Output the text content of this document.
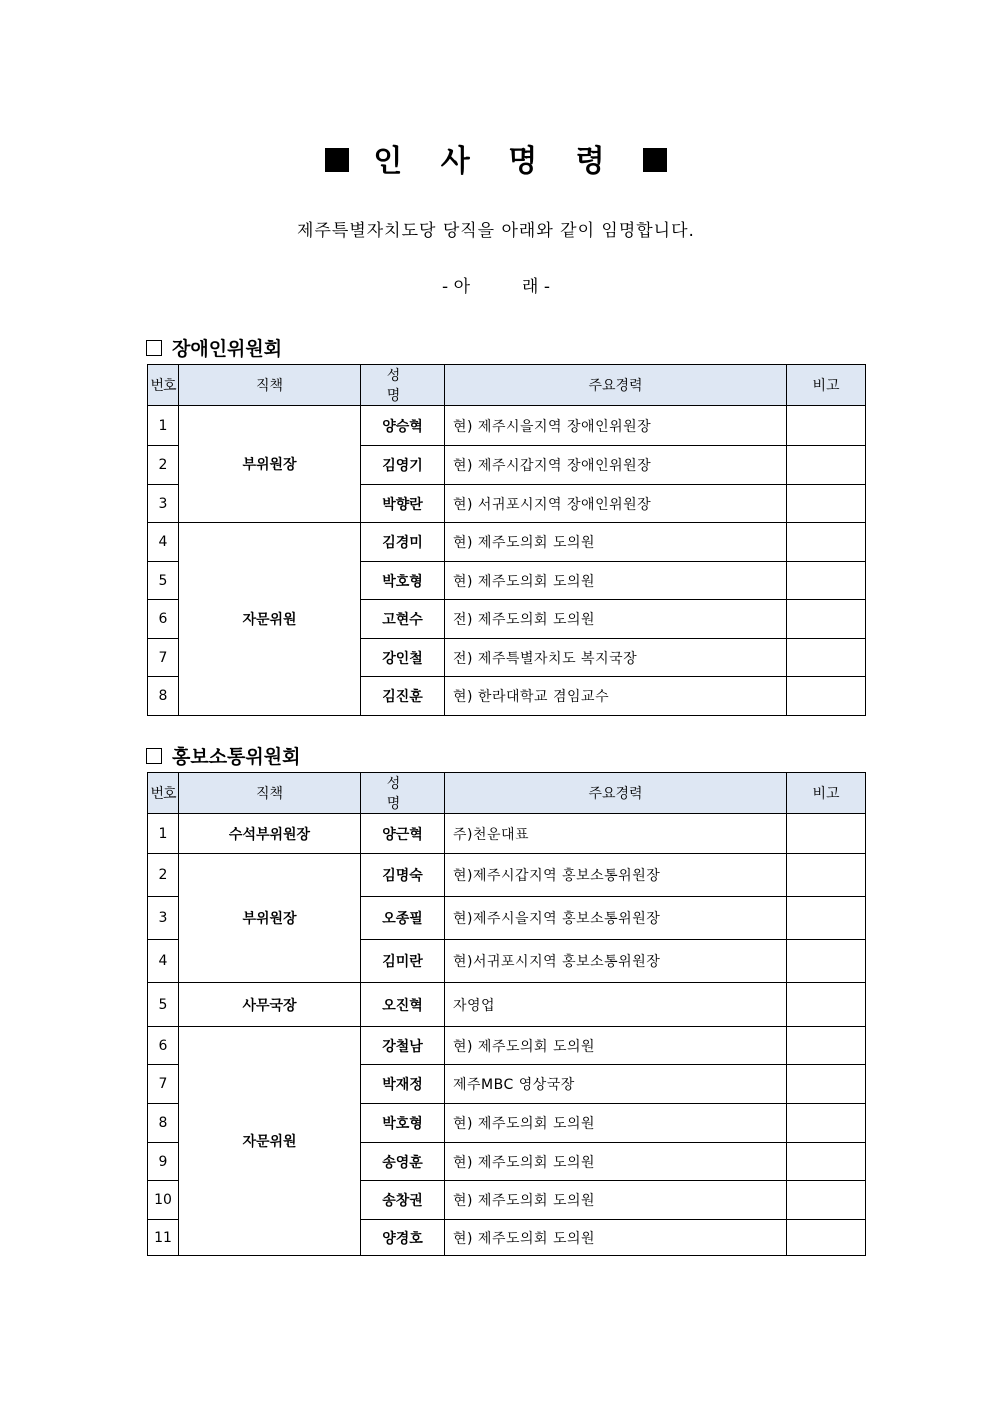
인 사 명 령
제주특별자치도당 당직을 아래와 같이 임명합니다.
- 아	래 -
장애인위원회
번호	직책	성 명	주요경력	비고
1	부위원장	양승혁	현) 제주시을지역 장애인위원장	
2		김영기	현) 제주시갑지역 장애인위원장	
3		박향란	현) 서귀포시지역 장애인위원장	
4	자문위원	김경미	현) 제주도의회 도의원	
5		박호형	현) 제주도의회 도의원	
6		고현수	전) 제주도의회 도의원	
7		강인철	전) 제주특별자치도 복지국장	
8		김진훈	현) 한라대학교 겸임교수	
홍보소통위원회
번호	직책	성 명	주요경력	비고
1	수석부위원장	양근혁	주)천운대표	
2	부위원장	김명숙	현)제주시갑지역 홍보소통위원장	
3		오종필	현)제주시을지역 홍보소통위원장	
4		김미란	현)서귀포시지역 홍보소통위원장	
5	사무국장	오진혁	자영업	
6	자문위원	강철남	현) 제주도의회 도의원	
7		박재정	제주MBC 영상국장	
8		박호형	현) 제주도의회 도의원	
9		송영훈	현) 제주도의회 도의원	
10		송창권	현) 제주도의회 도의원	
11		양경호	현) 제주도의회 도의원	
